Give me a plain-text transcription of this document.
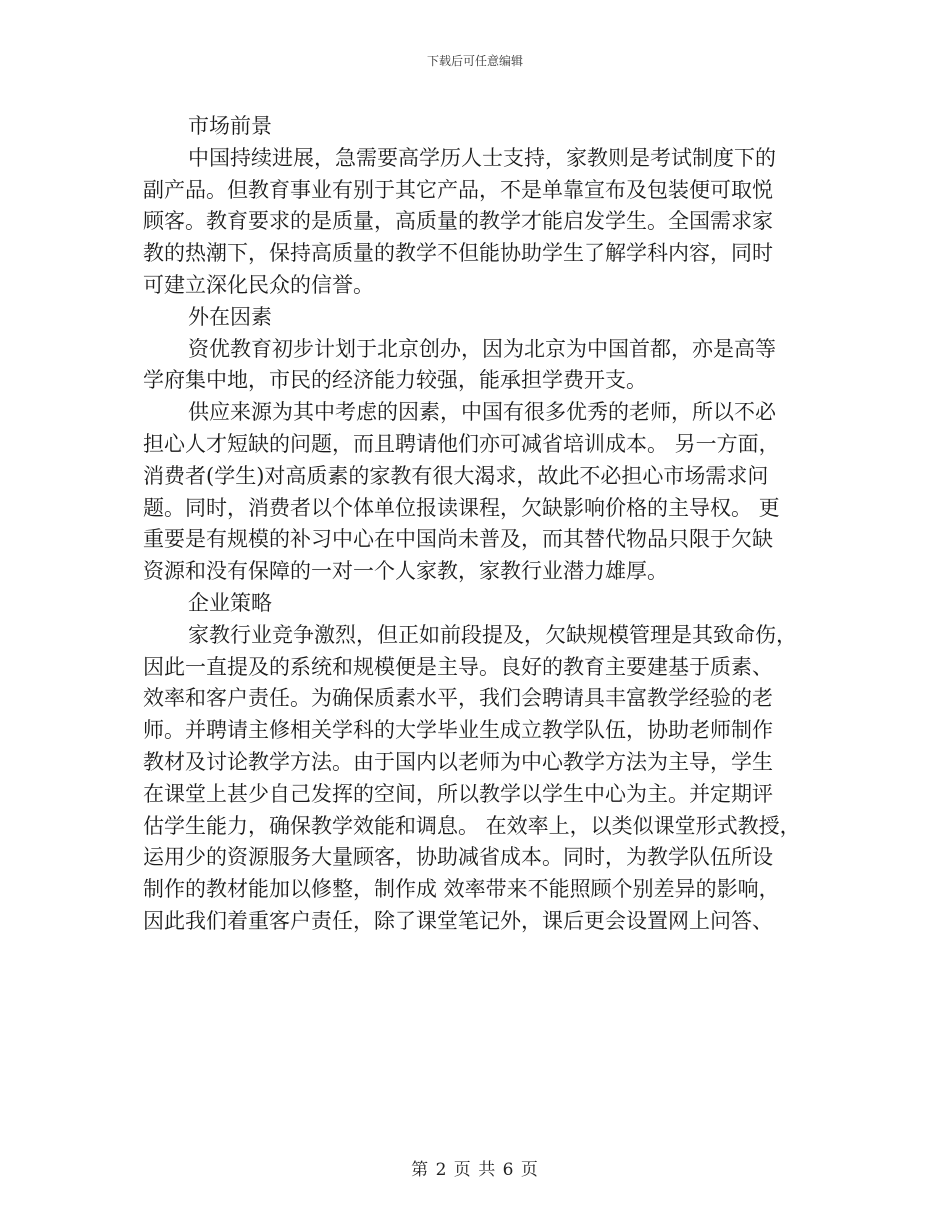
下载后可任意编辑
市场前景
中国持续进展，急需要高学历人士支持，家教则是考试制度下的
副产品。但教育事业有别于其它产品，不是单靠宣布及包装便可取悦
顾客。教育要求的是质量，高质量的教学才能启发学生。全国需求家
教的热潮下，保持高质量的教学不但能协助学生了解学科内容，同时
可建立深化民众的信誉。
外在因素
资优教育初步计划于北京创办，因为北京为中国首都，亦是高等
学府集中地，市民的经济能力较强，能承担学费开支。
供应来源为其中考虑的因素，中国有很多优秀的老师，所以不必
担心人才短缺的问题，而且聘请他们亦可减省培训成本。 另一方面，
消费者(学生)对高质素的家教有很大渴求，故此不必担心市场需求问
题。同时，消费者以个体单位报读课程，欠缺影响价格的主导权。 更
重要是有规模的补习中心在中国尚未普及，而其替代物品只限于欠缺
资源和没有保障的一对一个人家教，家教行业潜力雄厚。
企业策略
家教行业竞争激烈，但正如前段提及，欠缺规模管理是其致命伤，
因此一直提及的系统和规模便是主导。良好的教育主要建基于质素、
效率和客户责任。为确保质素水平，我们会聘请具丰富教学经验的老
师。并聘请主修相关学科的大学毕业生成立教学队伍，协助老师制作
教材及讨论教学方法。由于国内以老师为中心教学方法为主导，学生
在课堂上甚少自己发挥的空间，所以教学以学生中心为主。并定期评
估学生能力，确保教学效能和调息。 在效率上，以类似课堂形式教授，
运用少的资源服务大量顾客，协助减省成本。同时，为教学队伍所设
制作的教材能加以修整，制作成 效率带来不能照顾个别差异的影响，
因此我们着重客户责任，除了课堂笔记外，课后更会设置网上问答、
第 2 页 共 6 页
